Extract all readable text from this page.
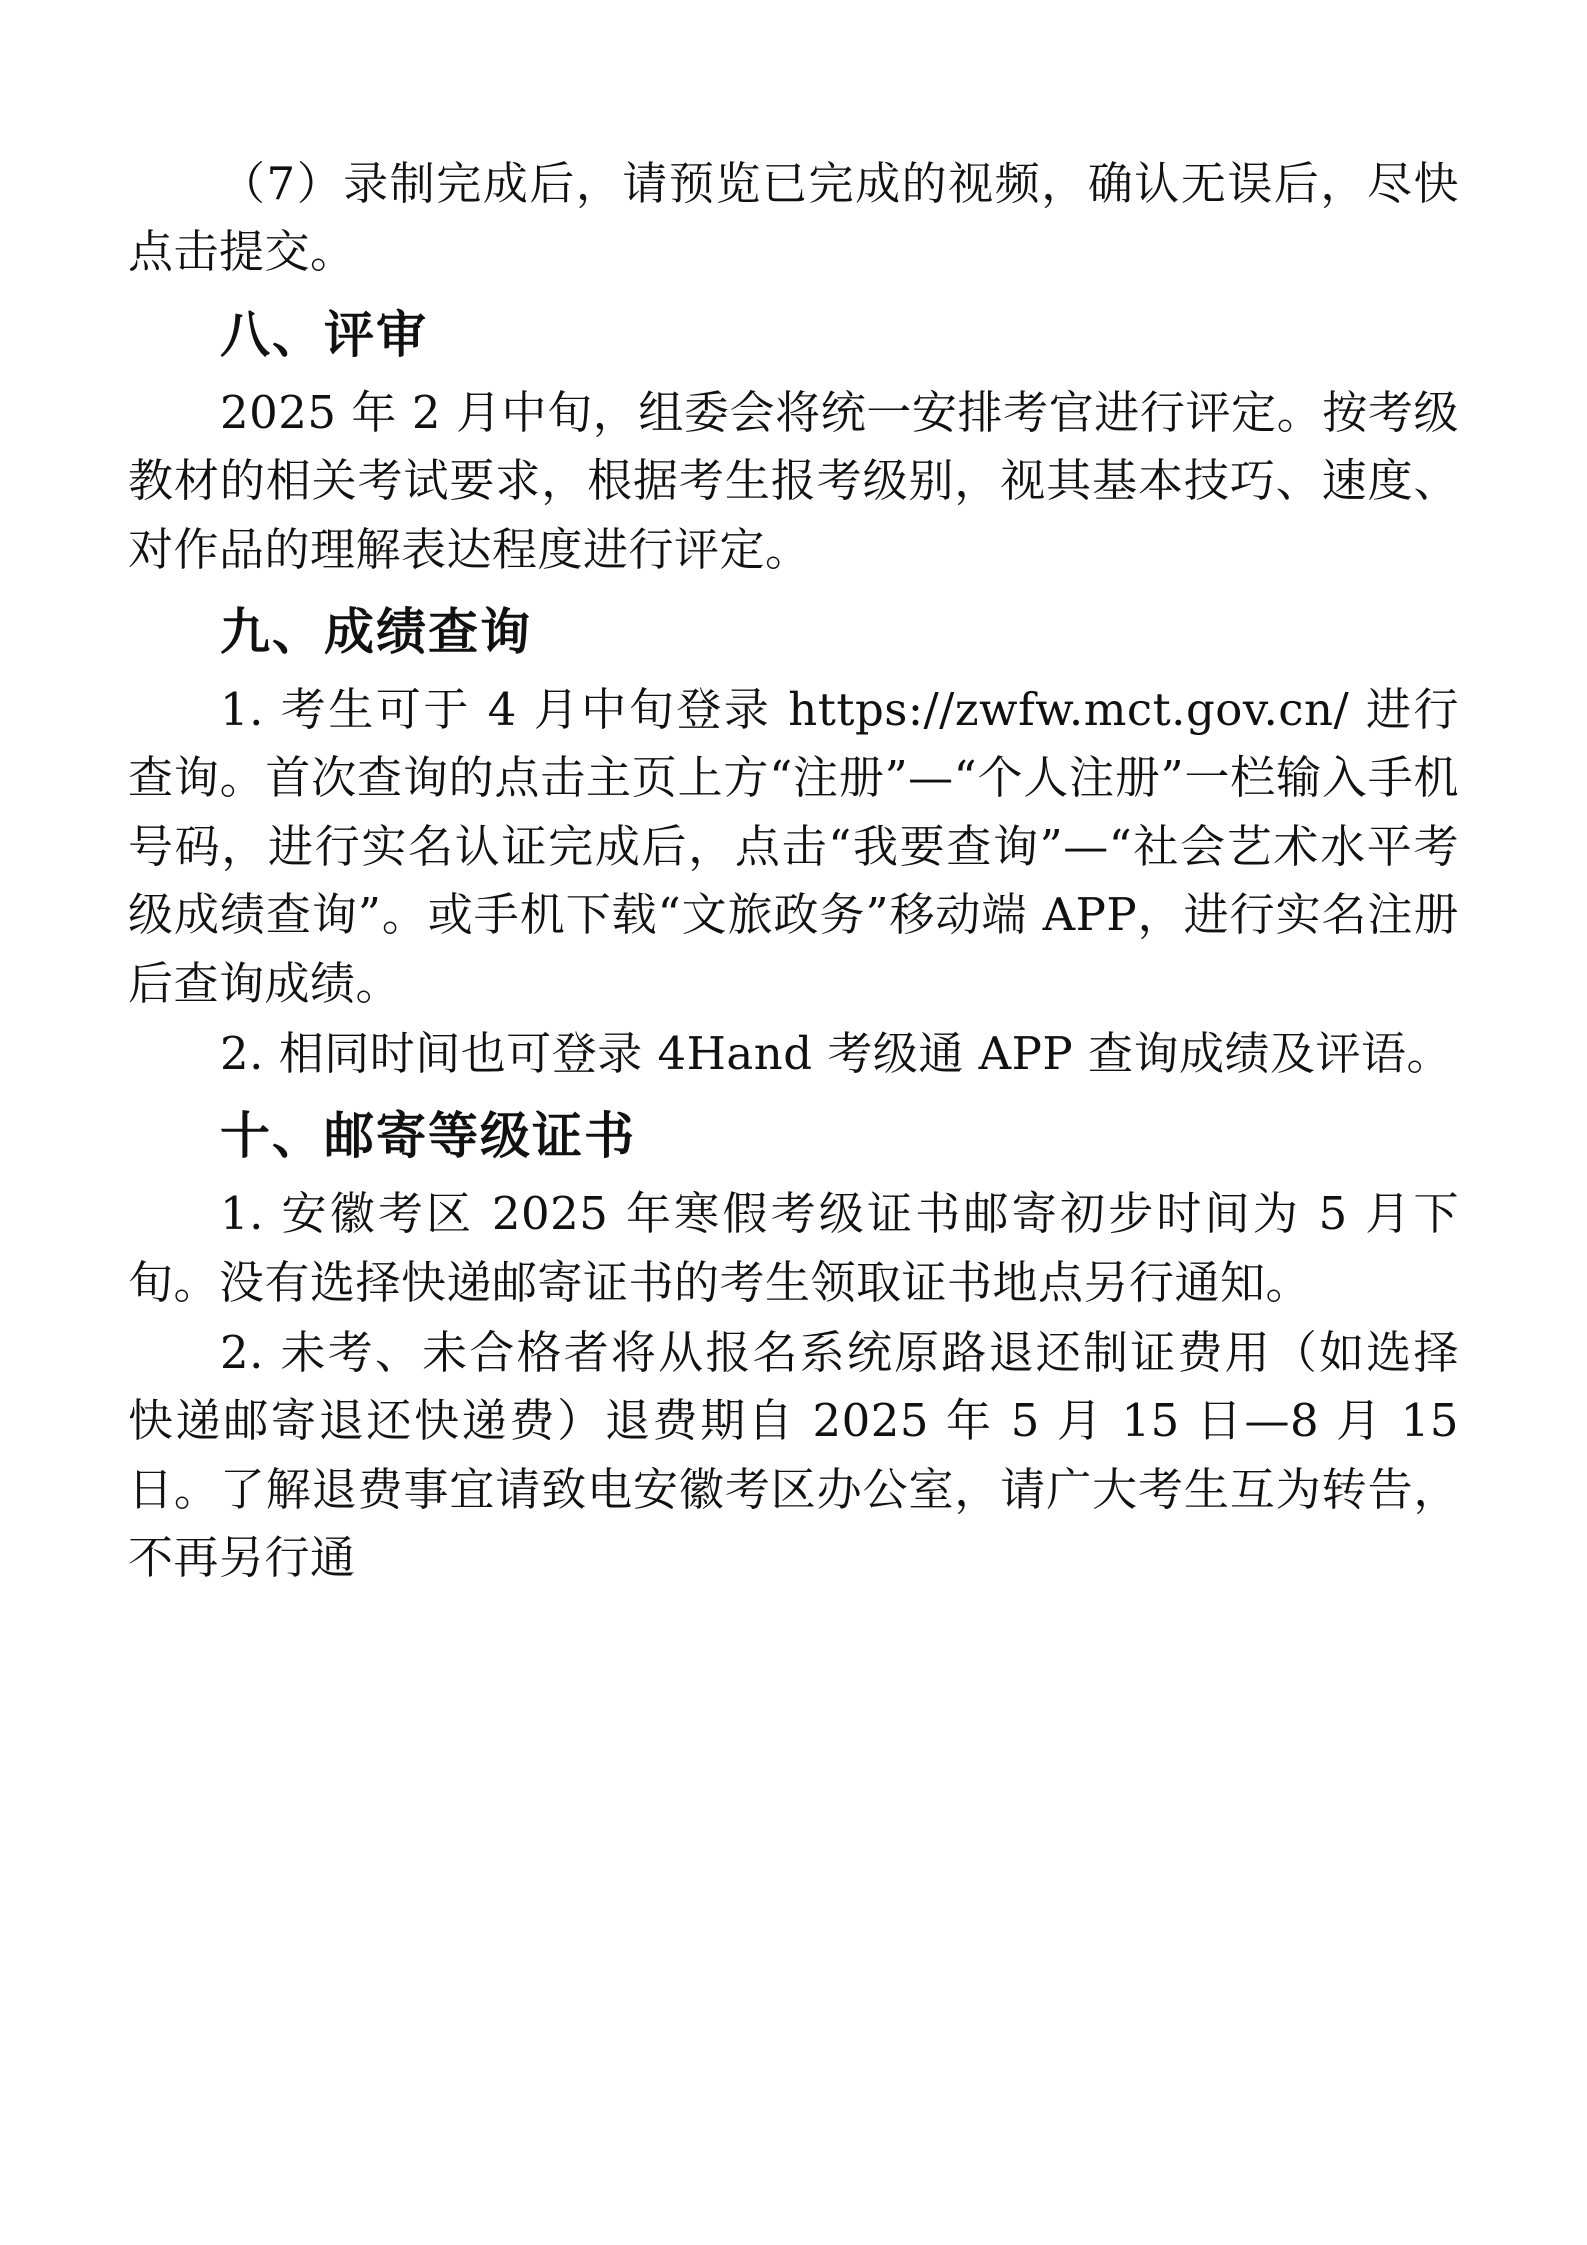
（7）录制完成后，请预览已完成的视频，确认无误后，尽快点击提交。

八、评审

2025 年 2 月中旬，组委会将统一安排考官进行评定。按考级教材的相关考试要求，根据考生报考级别，视其基本技巧、速度、对作品的理解表达程度进行评定。

九、成绩查询

1. 考生可于 4 月中旬登录 https://zwfw.mct.gov.cn/ 进行查询。首次查询的点击主页上方“注册”—“个人注册”一栏输入手机号码，进行实名认证完成后，点击“我要查询”—“社会艺术水平考级成绩查询”。或手机下载“文旅政务”移动端 APP，进行实名注册后查询成绩。

2. 相同时间也可登录 4Hand 考级通 APP 查询成绩及评语。

十、邮寄等级证书

1. 安徽考区 2025 年寒假考级证书邮寄初步时间为 5 月下旬。没有选择快递邮寄证书的考生领取证书地点另行通知。

2. 未考、未合格者将从报名系统原路退还制证费用（如选择快递邮寄退还快递费）退费期自 2025 年 5 月 15 日—8 月 15 日。了解退费事宜请致电安徽考区办公室，请广大考生互为转告，不再另行通
